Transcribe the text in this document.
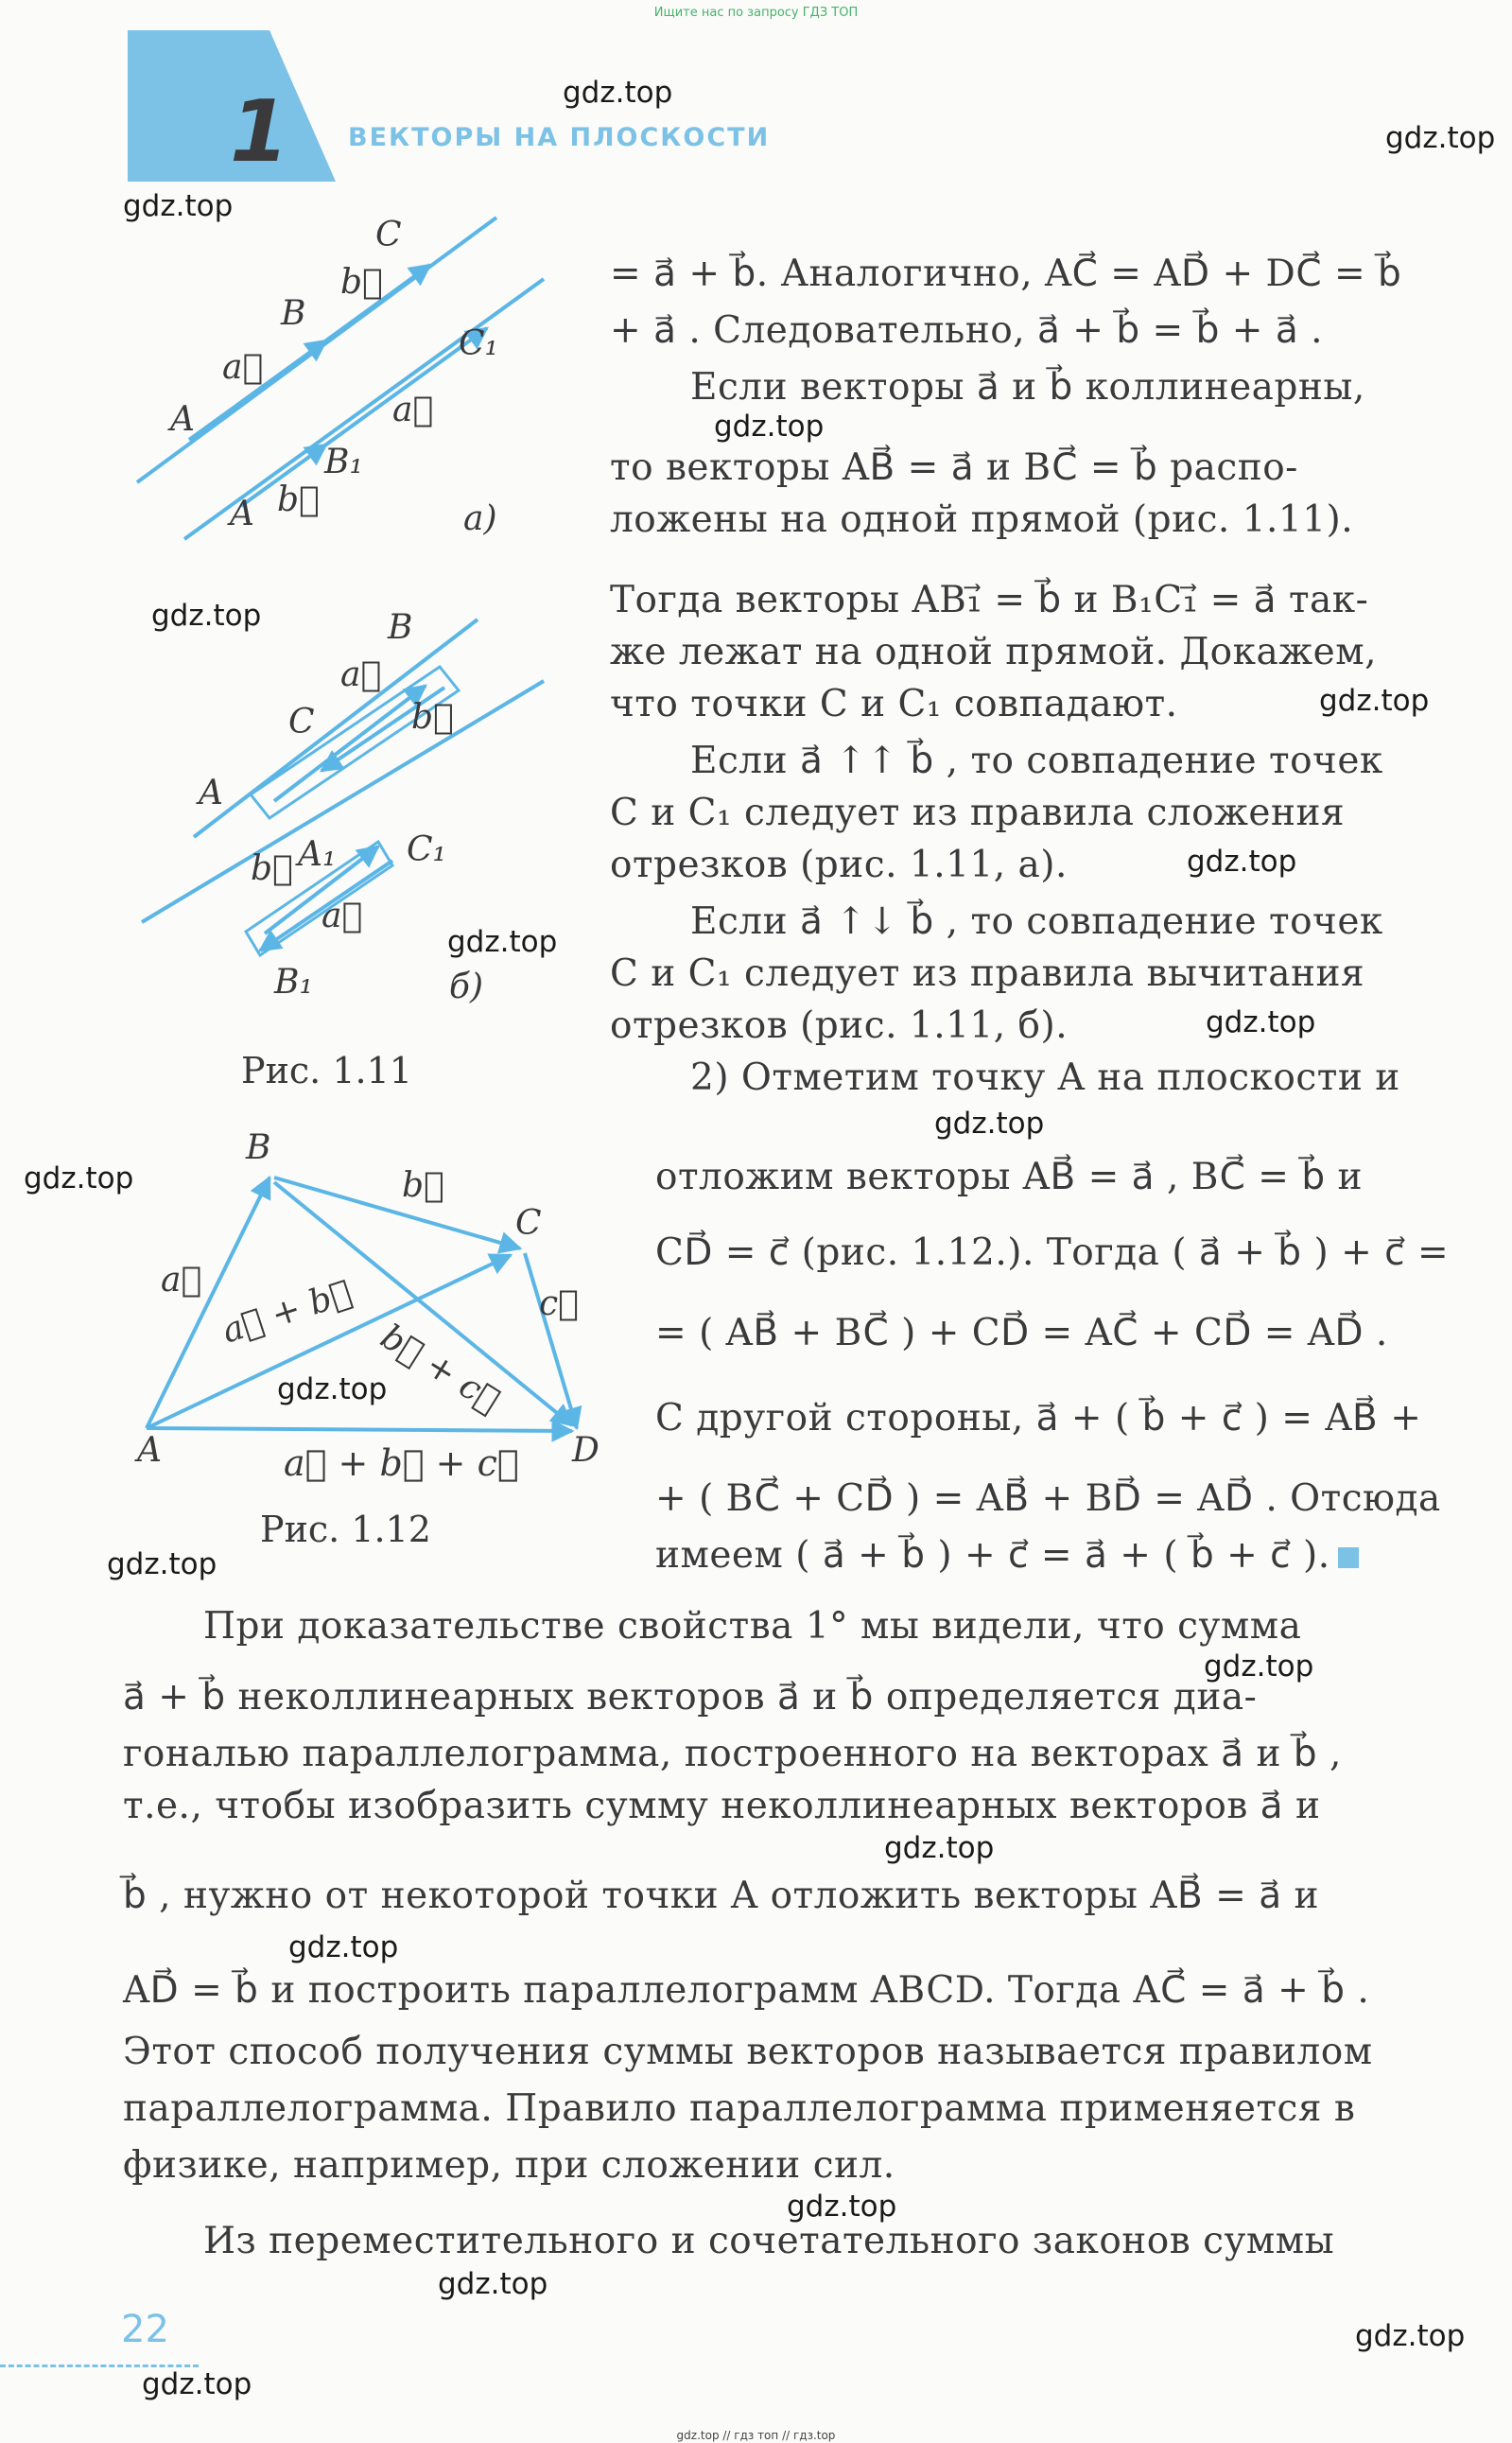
Ищите нас по запросу ГДЗ ТОП
1 ВЕКТОРЫ НА ПЛОСКОСТИ
A
B
C
A
B₁
C₁
a⃗
b⃗
a⃗
b⃗
A
B
C
A₁
B₁
C₁
a⃗
b⃗
b⃗
a⃗
а)
б)
Рис. 1.11
A
B
C
D
a⃗
b⃗
c⃗
a⃗ + b⃗
b⃗ + c⃗
a⃗ + b⃗ + c⃗
Рис. 1.12
= a⃗ + b⃗. Аналогично, AC⃗ = AD⃗ + DC⃗ = b⃗
+ a⃗ . Следовательно, a⃗ + b⃗ = b⃗ + a⃗ .
Если векторы a⃗ и b⃗ коллинеарны,
то векторы AB⃗ = a⃗ и BC⃗ = b⃗ распо-
ложены на одной прямой (рис. 1.11).
Тогда векторы AB₁⃗ = b⃗ и B₁C₁⃗ = a⃗ так-
же лежат на одной прямой. Докажем,
что точки C и C₁ совпадают.
Если a⃗ ↑↑ b⃗ , то совпадение точек
C и C₁ следует из правила сложения
отрезков (рис. 1.11, а).
Если a⃗ ↑↓ b⃗ , то совпадение точек
C и C₁ следует из правила вычитания
отрезков (рис. 1.11, б).
2) Отметим точку A на плоскости и
отложим векторы AB⃗ = a⃗ , BC⃗ = b⃗ и
CD⃗ = c⃗ (рис. 1.12.). Тогда ( a⃗ + b⃗ ) + c⃗ =
= ( AB⃗ + BC⃗ ) + CD⃗ = AC⃗ + CD⃗ = AD⃗ .
С другой стороны, a⃗ + ( b⃗ + c⃗ ) = AB⃗ +
+ ( BC⃗ + CD⃗ ) = AB⃗ + BD⃗ = AD⃗ . Отсюда
имеем ( a⃗ + b⃗ ) + c⃗ = a⃗ + ( b⃗ + c⃗ ).
При доказательстве свойства 1° мы видели, что сумма
a⃗ + b⃗ неколлинеарных векторов a⃗ и b⃗ определяется диа-
гональю параллелограмма, построенного на векторах a⃗ и b⃗ ,
т.е., чтобы изобразить сумму неколлинеарных векторов a⃗ и
b⃗ , нужно от некоторой точки A отложить векторы AB⃗ = a⃗ и
AD⃗ = b⃗ и построить параллелограмм ABCD. Тогда AC⃗ = a⃗ + b⃗ .
Этот способ получения суммы векторов называется правилом
параллелограмма. Правило параллелограмма применяется в
физике, например, при сложении сил.
Из переместительного и сочетательного законов суммы
22
gdz.top
gdz.top
gdz.top
gdz.top
gdz.top
gdz.top
gdz.top
gdz.top
gdz.top
gdz.top
gdz.top
gdz.top
gdz.top
gdz.top
gdz.top
gdz.top
gdz.top
gdz.top
gdz.top
gdz.top
gdz.top // гдз топ // гдз.top
